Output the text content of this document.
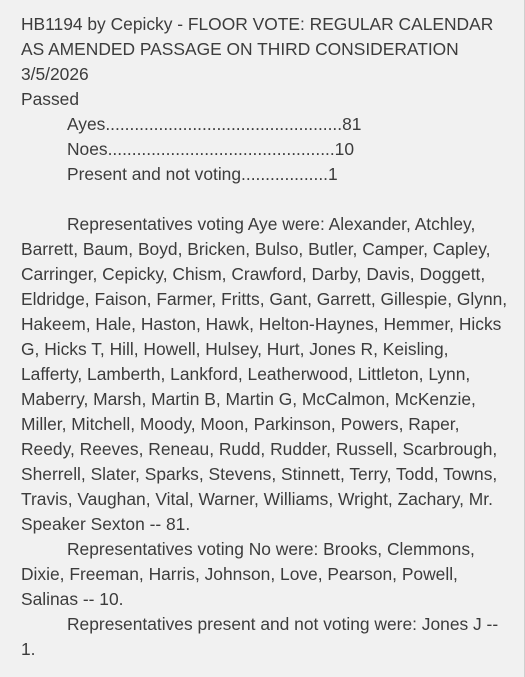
HB1194 by Cepicky - FLOOR VOTE: REGULAR CALENDAR
AS AMENDED PASSAGE ON THIRD CONSIDERATION
3/5/2026
Passed
Ayes.................................................81
Noes...............................................10
Present and not voting..................1

Representatives voting Aye were: Alexander, Atchley, Barrett, Baum, Boyd, Bricken, Bulso, Butler, Camper, Capley, Carringer, Cepicky, Chism, Crawford, Darby, Davis, Doggett, Eldridge, Faison, Farmer, Fritts, Gant, Garrett, Gillespie, Glynn, Hakeem, Hale, Haston, Hawk, Helton-Haynes, Hemmer, Hicks G, Hicks T, Hill, Howell, Hulsey, Hurt, Jones R, Keisling, Lafferty, Lamberth, Lankford, Leatherwood, Littleton, Lynn, Maberry, Marsh, Martin B, Martin G, McCalmon, McKenzie, Miller, Mitchell, Moody, Moon, Parkinson, Powers, Raper, Reedy, Reeves, Reneau, Rudd, Rudder, Russell, Scarbrough, Sherrell, Slater, Sparks, Stevens, Stinnett, Terry, Todd, Towns, Travis, Vaughan, Vital, Warner, Williams, Wright, Zachary, Mr. Speaker Sexton -- 81.

Representatives voting No were: Brooks, Clemmons, Dixie, Freeman, Harris, Johnson, Love, Pearson, Powell, Salinas -- 10.

Representatives present and not voting were: Jones J -- 1.
